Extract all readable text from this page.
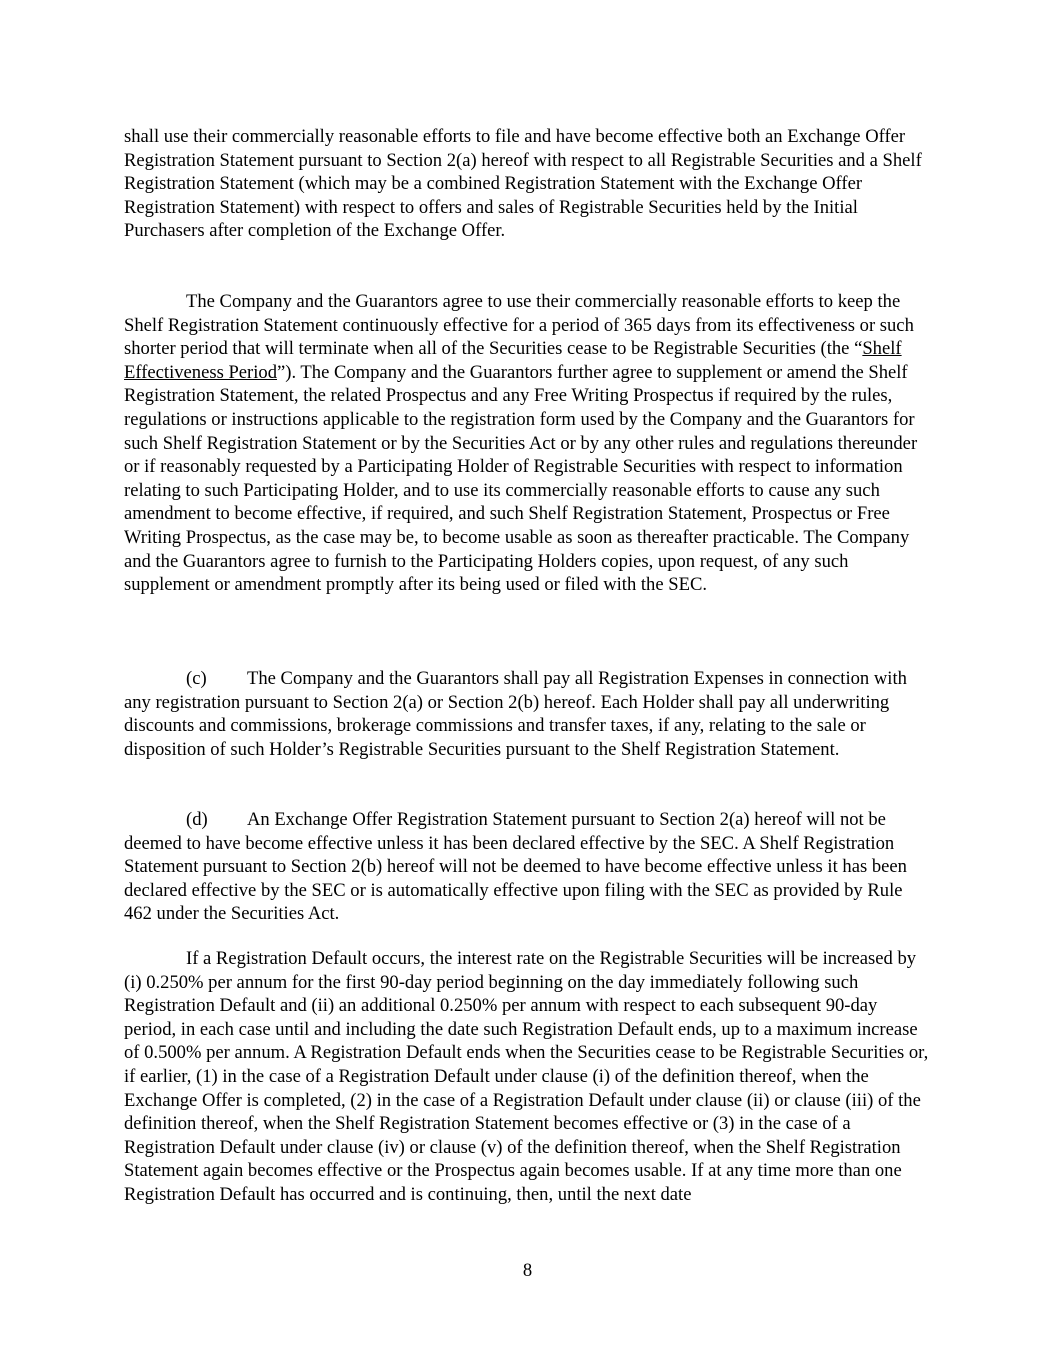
shall use their commercially reasonable efforts to file and have become effective both an Exchange Offer Registration Statement pursuant to Section 2(a) hereof with respect to all Registrable Securities and a Shelf Registration Statement (which may be a combined Registration Statement with the Exchange Offer Registration Statement) with respect to offers and sales of Registrable Securities held by the Initial Purchasers after completion of the Exchange Offer.

The Company and the Guarantors agree to use their commercially reasonable efforts to keep the Shelf Registration Statement continuously effective for a period of 365 days from its effectiveness or such shorter period that will terminate when all of the Securities cease to be Registrable Securities (the “Shelf Effectiveness Period”). The Company and the Guarantors further agree to supplement or amend the Shelf Registration Statement, the related Prospectus and any Free Writing Prospectus if required by the rules, regulations or instructions applicable to the registration form used by the Company and the Guarantors for such Shelf Registration Statement or by the Securities Act or by any other rules and regulations thereunder or if reasonably requested by a Participating Holder of Registrable Securities with respect to information relating to such Participating Holder, and to use its commercially reasonable efforts to cause any such amendment to become effective, if required, and such Shelf Registration Statement, Prospectus or Free Writing Prospectus, as the case may be, to become usable as soon as thereafter practicable. The Company and the Guarantors agree to furnish to the Participating Holders copies, upon request, of any such supplement or amendment promptly after its being used or filed with the SEC.

(c) The Company and the Guarantors shall pay all Registration Expenses in connection with any registration pursuant to Section 2(a) or Section 2(b) hereof. Each Holder shall pay all underwriting discounts and commissions, brokerage commissions and transfer taxes, if any, relating to the sale or disposition of such Holder’s Registrable Securities pursuant to the Shelf Registration Statement.

(d) An Exchange Offer Registration Statement pursuant to Section 2(a) hereof will not be deemed to have become effective unless it has been declared effective by the SEC. A Shelf Registration Statement pursuant to Section 2(b) hereof will not be deemed to have become effective unless it has been declared effective by the SEC or is automatically effective upon filing with the SEC as provided by Rule 462 under the Securities Act.

If a Registration Default occurs, the interest rate on the Registrable Securities will be increased by (i) 0.250% per annum for the first 90-day period beginning on the day immediately following such Registration Default and (ii) an additional 0.250% per annum with respect to each subsequent 90-day period, in each case until and including the date such Registration Default ends, up to a maximum increase of 0.500% per annum. A Registration Default ends when the Securities cease to be Registrable Securities or, if earlier, (1) in the case of a Registration Default under clause (i) of the definition thereof, when the Exchange Offer is completed, (2) in the case of a Registration Default under clause (ii) or clause (iii) of the definition thereof, when the Shelf Registration Statement becomes effective or (3) in the case of a Registration Default under clause (iv) or clause (v) of the definition thereof, when the Shelf Registration Statement again becomes effective or the Prospectus again becomes usable. If at any time more than one Registration Default has occurred and is continuing, then, until the next date

8
